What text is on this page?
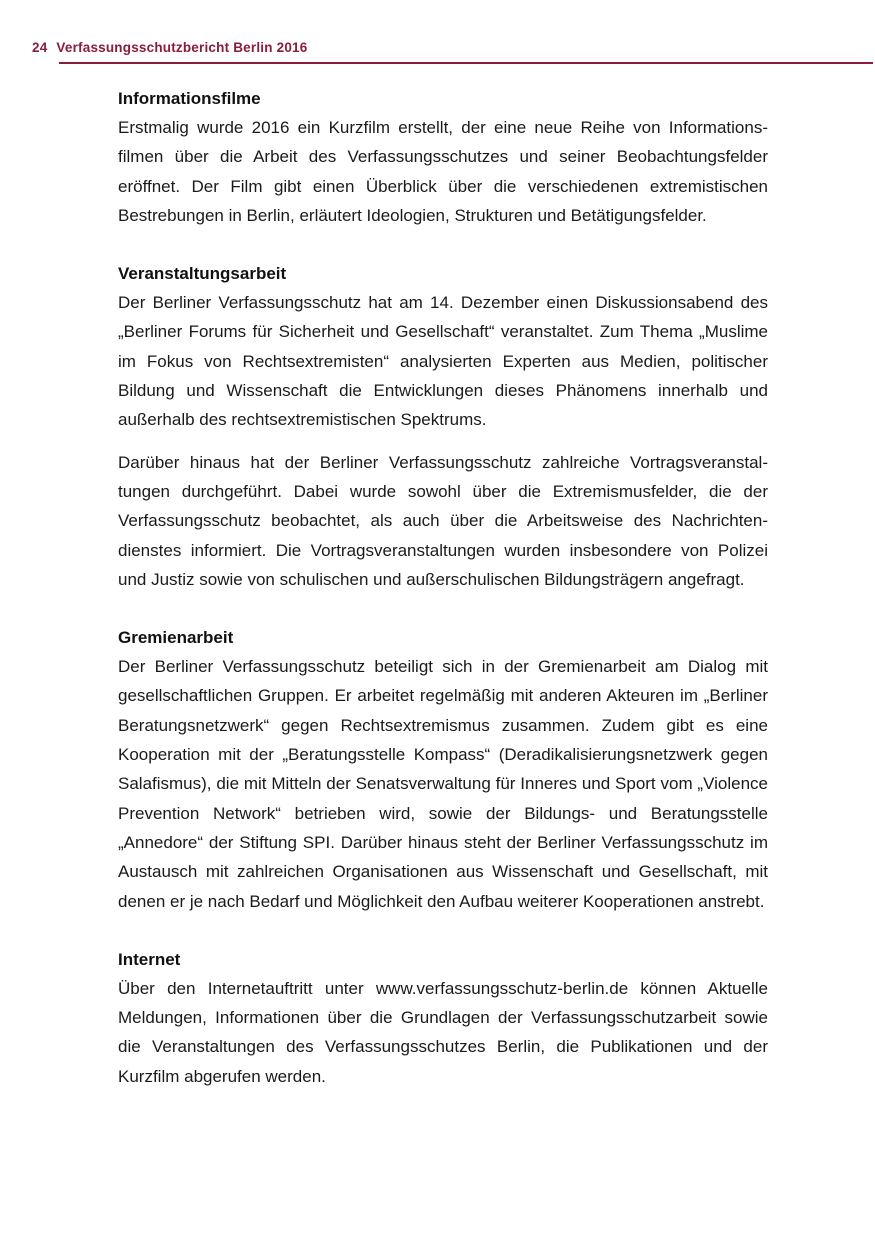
24 Verfassungsschutzbericht Berlin 2016
Informationsfilme

Erstmalig wurde 2016 ein Kurzfilm erstellt, der eine neue Reihe von Informationsfilmen über die Arbeit des Verfassungsschutzes und seiner Beobachtungsfelder eröffnet. Der Film gibt einen Überblick über die verschiedenen extremistischen Bestrebungen in Berlin, erläutert Ideologien, Strukturen und Betätigungsfelder.

Veranstaltungsarbeit

Der Berliner Verfassungsschutz hat am 14. Dezember einen Diskussionsabend des „Berliner Forums für Sicherheit und Gesellschaft“ veranstaltet. Zum Thema „Muslime im Fokus von Rechtsextremisten“ analysierten Experten aus Medien, politischer Bildung und Wissenschaft die Entwicklungen dieses Phänomens innerhalb und außerhalb des rechtsextremistischen Spektrums.

Darüber hinaus hat der Berliner Verfassungsschutz zahlreiche Vortragsveranstaltungen durchgeführt. Dabei wurde sowohl über die Extremismusfelder, die der Verfassungsschutz beobachtet, als auch über die Arbeitsweise des Nachrichtendienstes informiert. Die Vortragsveranstaltungen wurden insbesondere von Polizei und Justiz sowie von schulischen und außerschulischen Bildungsträgern angefragt.

Gremienarbeit

Der Berliner Verfassungsschutz beteiligt sich in der Gremienarbeit am Dialog mit gesellschaftlichen Gruppen. Er arbeitet regelmäßig mit anderen Akteuren im „Berliner Beratungsnetzwerk“ gegen Rechtsextremismus zusammen. Zudem gibt es eine Kooperation mit der „Beratungsstelle Kompass“ (Deradikalisierungsnetzwerk gegen Salafismus), die mit Mitteln der Senatsverwaltung für Inneres und Sport vom „Violence Prevention Network“ betrieben wird, sowie der Bildungs- und Beratungsstelle „Annedore“ der Stiftung SPI. Darüber hinaus steht der Berliner Verfassungsschutz im Austausch mit zahlreichen Organisationen aus Wissenschaft und Gesellschaft, mit denen er je nach Bedarf und Möglichkeit den Aufbau weiterer Kooperationen anstrebt.

Internet

Über den Internetauftritt unter www.verfassungsschutz-berlin.de können Aktuelle Meldungen, Informationen über die Grundlagen der Verfassungsschutzarbeit sowie die Veranstaltungen des Verfassungsschutzes Berlin, die Publikationen und der Kurzfilm abgerufen werden.
